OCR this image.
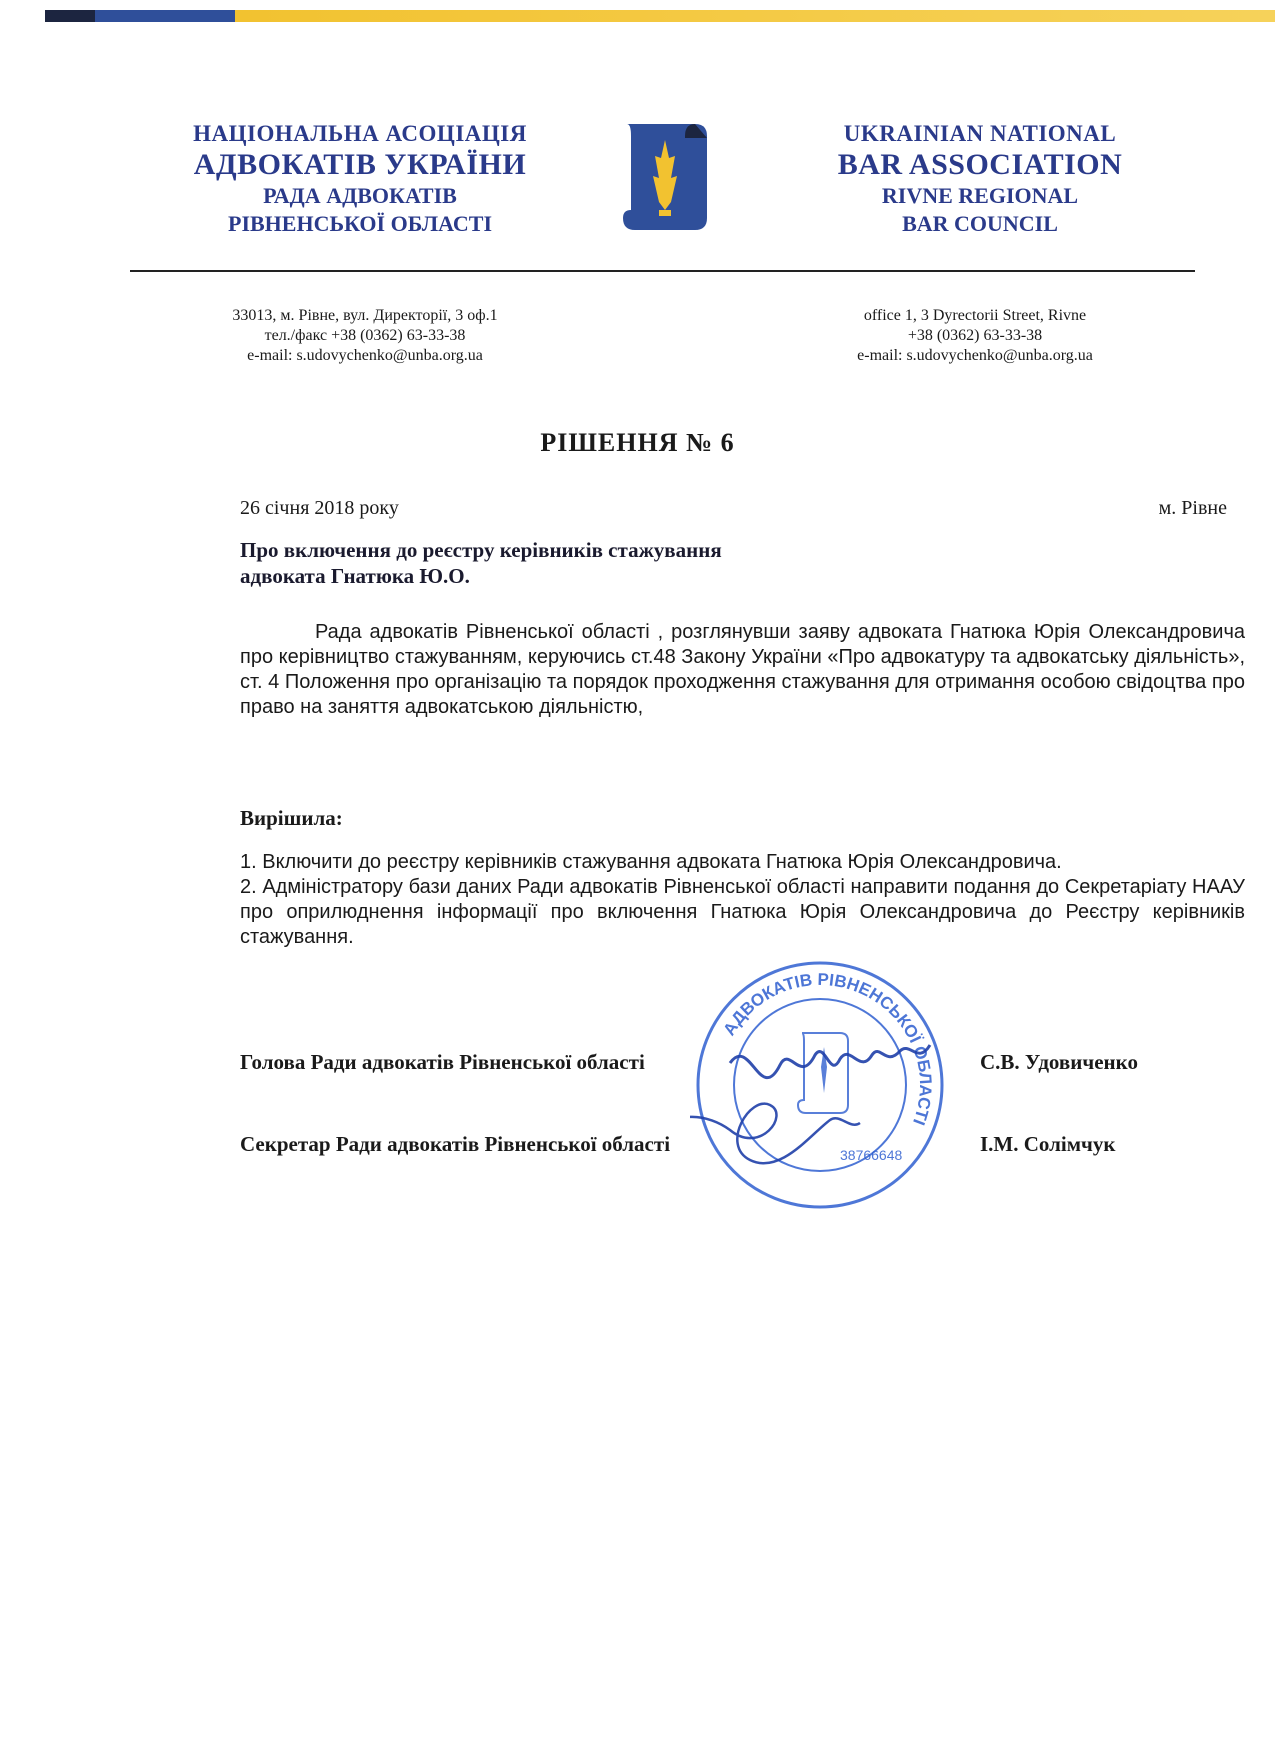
НАЦІОНАЛЬНА АСОЦІАЦІЯ
АДВОКАТІВ УКРАЇНИ
РАДА АДВОКАТІВ
РІВНЕНСЬКОЇ ОБЛАСТІ
UKRAINIAN NATIONAL
BAR ASSOCIATION
RIVNE REGIONAL
BAR COUNCIL
33013, м. Рівне, вул. Директорії, 3 оф.1
тел./факс +38 (0362) 63-33-38
e-mail: s.udovychenko@unba.org.ua
office 1, 3 Dyrectorii Street, Rivne
+38 (0362) 63-33-38
e-mail: s.udovychenko@unba.org.ua
РІШЕННЯ № 6
26 січня 2018 року	м. Рівне
Про включення до реєстру керівників стажування
адвоката Гнатюка Ю.О.
Рада адвокатів Рівненської області , розглянувши заяву адвоката Гнатюка Юрія Олександровича про керівництво стажуванням, керуючись ст.48 Закону України «Про адвокатуру та адвокатську діяльність», ст. 4 Положення про організацію та порядок проходження стажування для отримання особою свідоцтва про право на заняття адвокатською діяльністю,
Вирішила:
1. Включити до реєстру керівників стажування адвоката Гнатюка Юрія Олександровича.
2. Адміністратору бази даних Ради адвокатів Рівненської області направити подання до Секретаріату НААУ про оприлюднення інформації про включення Гнатюка Юрія Олександровича до Реєстру керівників стажування.
Голова Ради адвокатів Рівненської області	С.В. Удовиченко
Секретар Ради адвокатів Рівненської області	І.М. Солімчук
АДВОКАТІВ РІВНЕНСЬКОЇ ОБЛАСТІ
38766648
